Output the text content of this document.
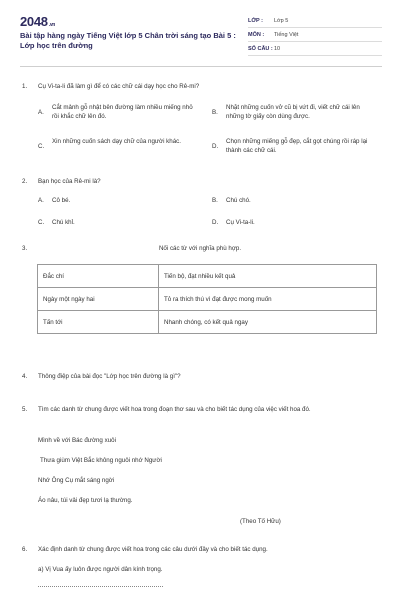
2048.vn
Bài tập hàng ngày Tiếng Việt lớp 5 Chân trời sáng tạo Bài 5 : Lớp học trên đường
LỚP :	Lớp 5
MÔN :	Tiếng Việt
SỐ CÂU : 10
1. Cụ Vi-ta-li đã làm gì để có các chữ cái dạy học cho Rê-mi?
A.
Cắt mảnh gỗ nhật bên đường làm nhiều miếng nhỏ rồi khắc chữ lên đó.
B.
Nhặt những cuốn vở cũ bị vứt đi, viết chữ cái lên những tờ giấy còn dùng được.
C.
Xin những cuốn sách dạy chữ của người khác.
D.
Chọn những miếng gỗ đẹp, cắt gọt chúng rồi ráp lại thành các chữ cái.
2. Bạn học của Rê-mi là?
A. Cô bé.	B. Chú chó.
C. Chú khỉ.	D. Cụ Vi-ta-li.
3.	Nối các từ với nghĩa phù hợp.
Đắc chí	Tiến bộ, đạt nhiều kết quả
Ngày một ngày hai	Tỏ ra thích thú vì đạt được mong muốn
Tấn tới	Nhanh chóng, có kết quả ngay
4. Thông điệp của bài đọc "Lớp học trên đường là gì"?
5. Tìm các danh từ chung được viết hoa trong đoạn thơ sau và cho biết tác dụng của việc viết hoa đó.
Mình về với Bác đường xuôi
Thưa giùm Việt Bắc không nguôi nhớ Người
Nhớ Ông Cụ mắt sáng ngời
Áo nâu, túi vải đẹp tươi lạ thường.
(Theo Tố Hữu)
6. Xác định danh từ chung được viết hoa trong các câu dưới đây và cho biết tác dụng.
a) Vị Vua ấy luôn được người dân kính trọng.
